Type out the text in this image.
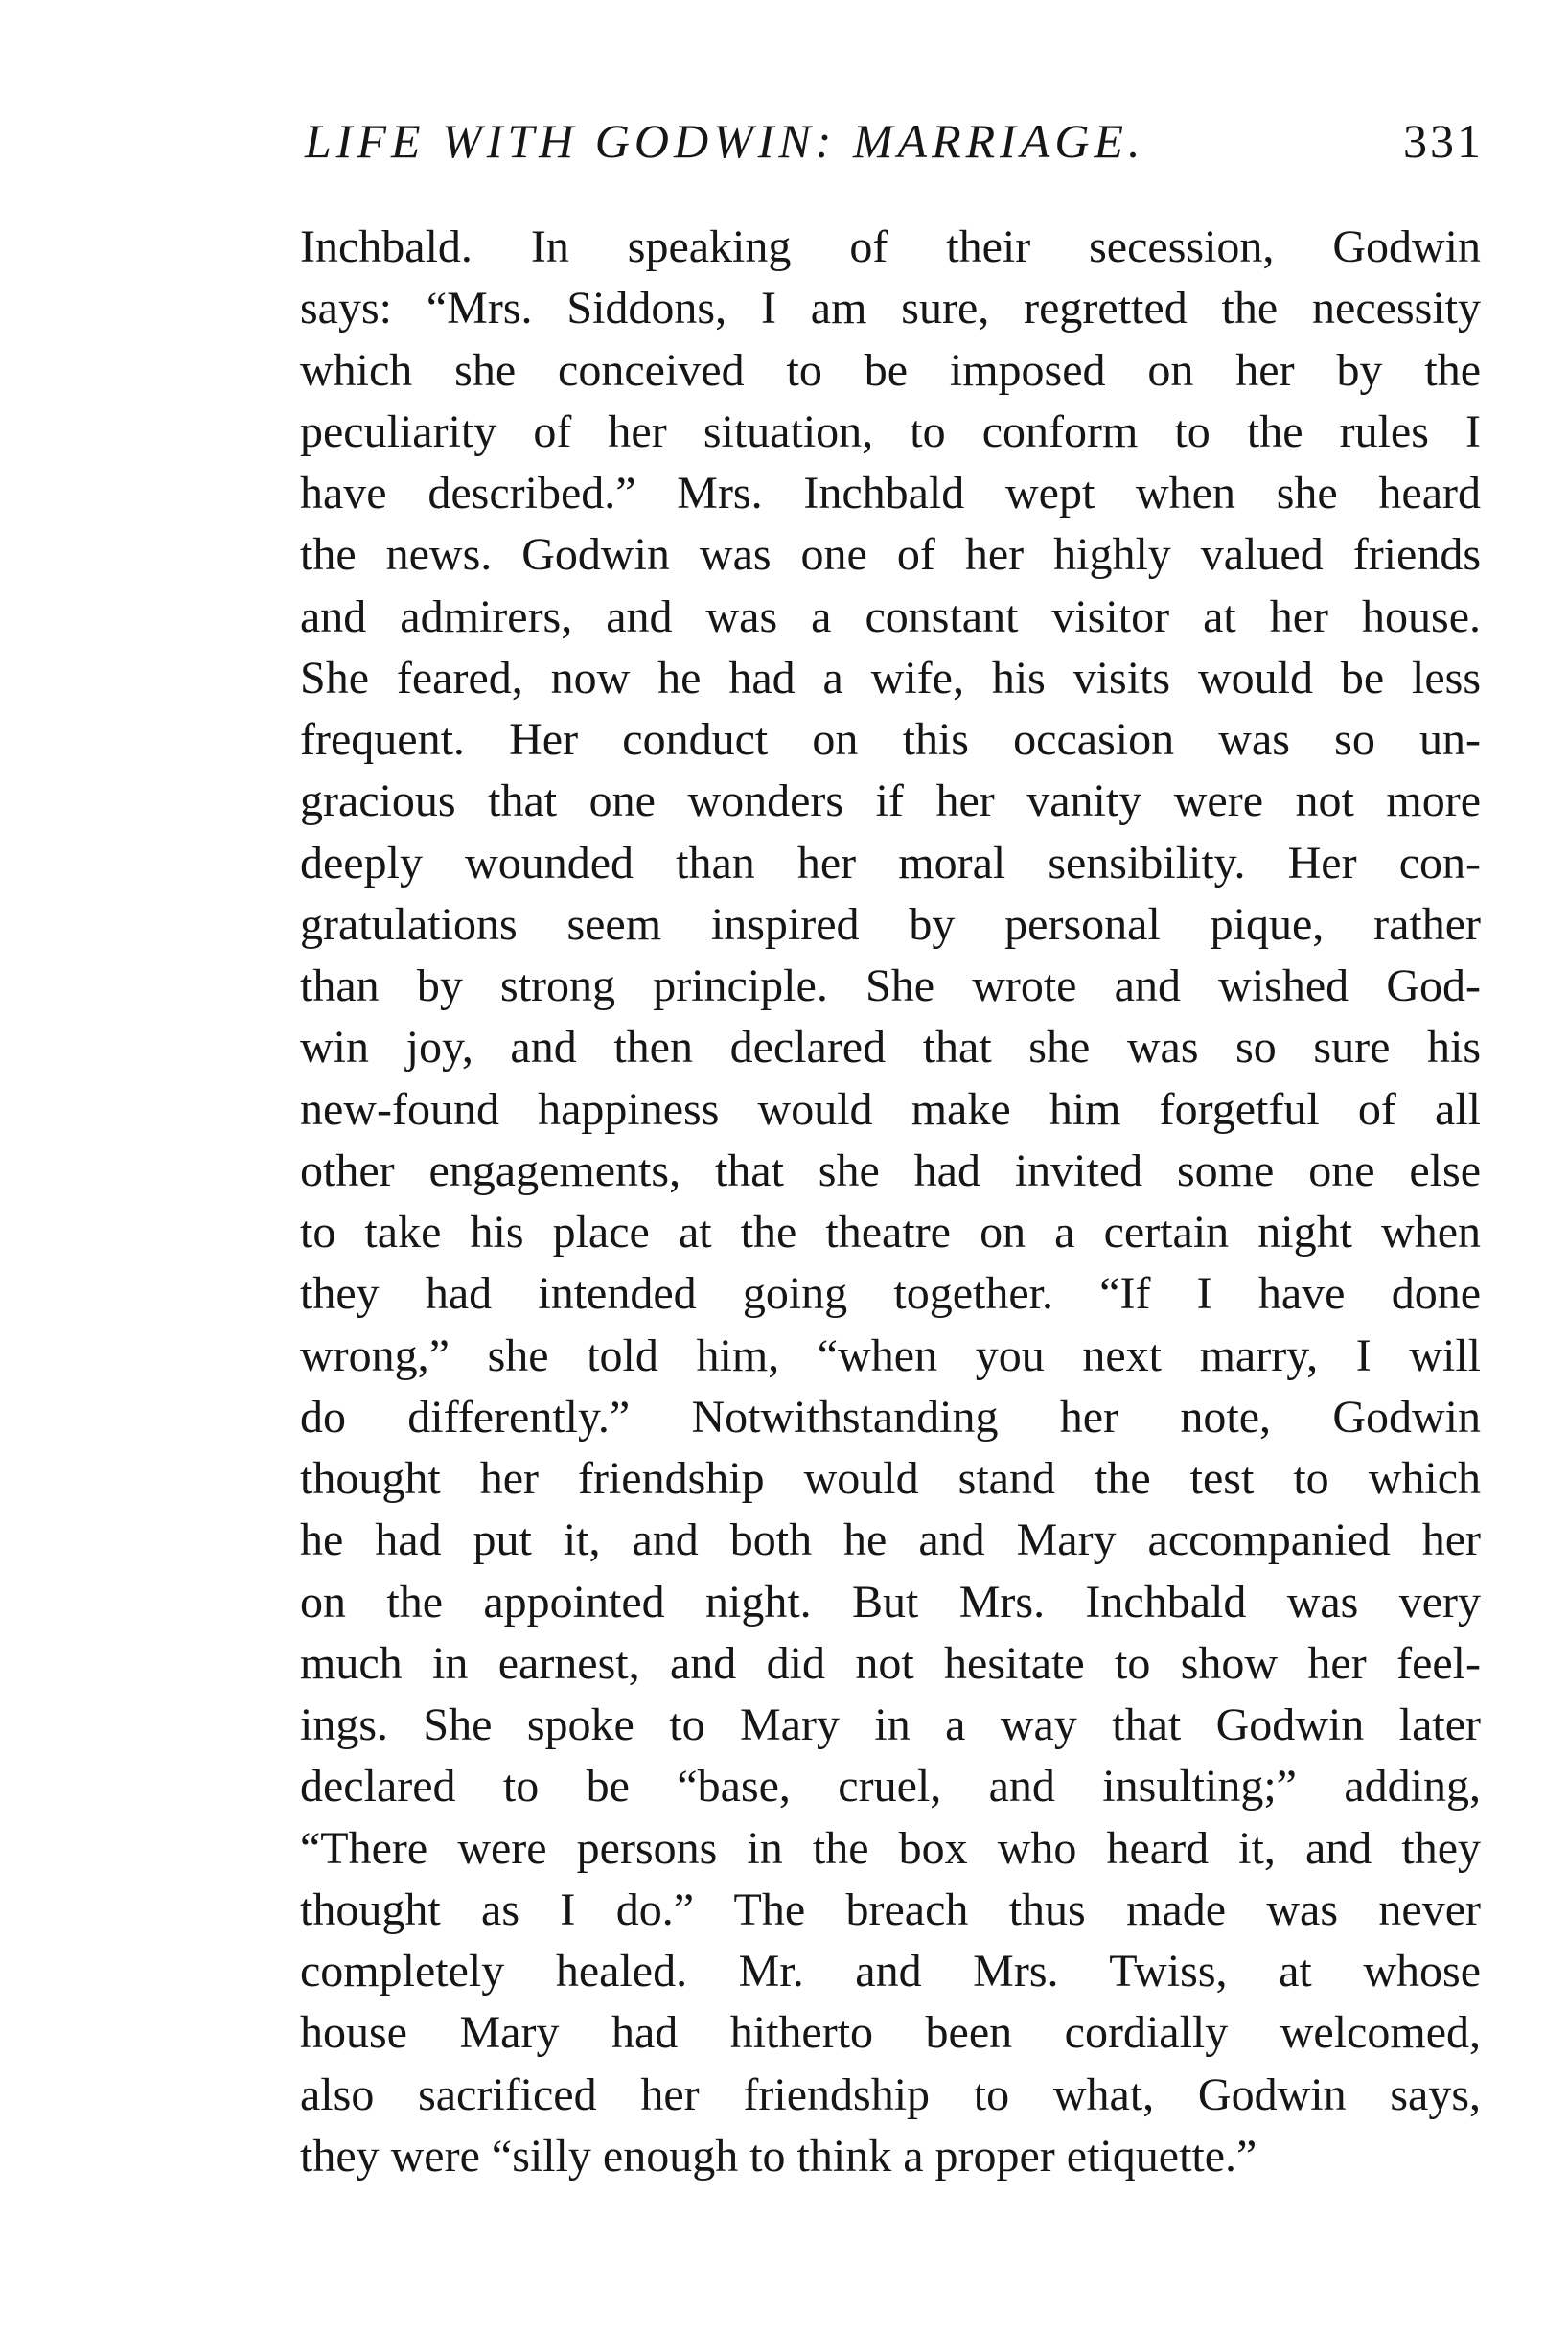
LIFE WITH GODWIN: MARRIAGE.	331
Inchbald. In speaking of their secession, Godwin
says: “Mrs. Siddons, I am sure, regretted the necessity
which she conceived to be imposed on her by the
peculiarity of her situation, to conform to the rules I
have described.” Mrs. Inchbald wept when she heard
the news. Godwin was one of her highly valued friends
and admirers, and was a constant visitor at her house.
She feared, now he had a wife, his visits would be less
frequent. Her conduct on this occasion was so un-
gracious that one wonders if her vanity were not more
deeply wounded than her moral sensibility. Her con-
gratulations seem inspired by personal pique, rather
than by strong principle. She wrote and wished God-
win joy, and then declared that she was so sure his
new-found happiness would make him forgetful of all
other engagements, that she had invited some one else
to take his place at the theatre on a certain night when
they had intended going together. “If I have done
wrong,” she told him, “when you next marry, I will
do differently.” Notwithstanding her note, Godwin
thought her friendship would stand the test to which
he had put it, and both he and Mary accompanied her
on the appointed night. But Mrs. Inchbald was very
much in earnest, and did not hesitate to show her feel-
ings. She spoke to Mary in a way that Godwin later
declared to be “base, cruel, and insulting;” adding,
“There were persons in the box who heard it, and they
thought as I do.” The breach thus made was never
completely healed. Mr. and Mrs. Twiss, at whose
house Mary had hitherto been cordially welcomed,
also sacrificed her friendship to what, Godwin says,
they were “silly enough to think a proper etiquette.”
